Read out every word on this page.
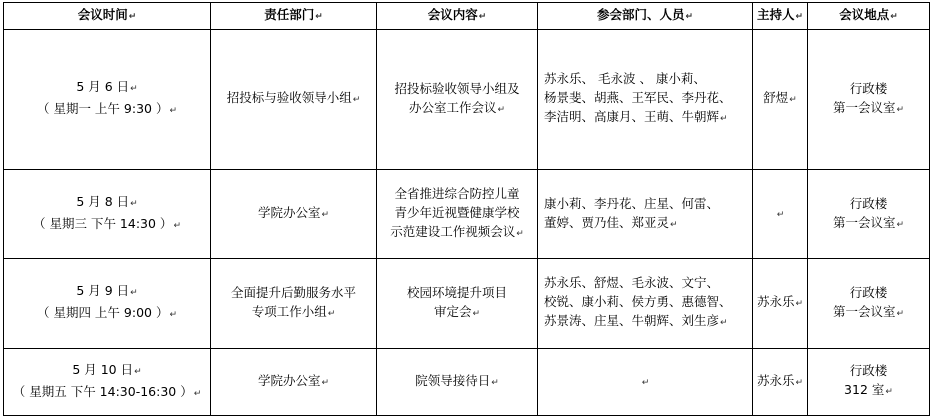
会议时间↵	责任部门↵	会议内容↵	参会部门、人员↵	主持人↵	会议地点↵

5 月 6 日↵
（ 星期一 上午 9:30 ）↵	招投标与验收领导小组↵	招投标验收领导小组及
办公室工作会议↵	苏永乐、 毛永波 、 康小莉、
杨景斐、胡燕、王军民、李丹花、
李洁明、高康月、王萌、牛朝辉↵	舒煜↵	行政楼
第一会议室↵

5 月 8 日↵
（ 星期三 下午 14:30 ）↵	学院办公室↵	全省推进综合防控儿童
青少年近视暨健康学校
示范建设工作视频会议↵	康小莉、李丹花、庄星、何雷、
董婷、贾乃佳、郑亚灵↵	↵	行政楼
第一会议室↵

5 月 9 日↵
（ 星期四 上午 9:00 ）↵	全面提升后勤服务水平
专项工作小组↵	校园环境提升项目
审定会↵	苏永乐、舒煜、毛永波、文宁、
校锐、康小莉、侯方勇、惠德智、
苏景涛、庄星、牛朝辉、刘生彦↵	苏永乐↵	行政楼
第一会议室↵

5 月 10 日↵
（ 星期五 下午 14:30-16:30 ）↵	学院办公室↵	院领导接待日↵	↵	苏永乐↵	行政楼
312 室↵
